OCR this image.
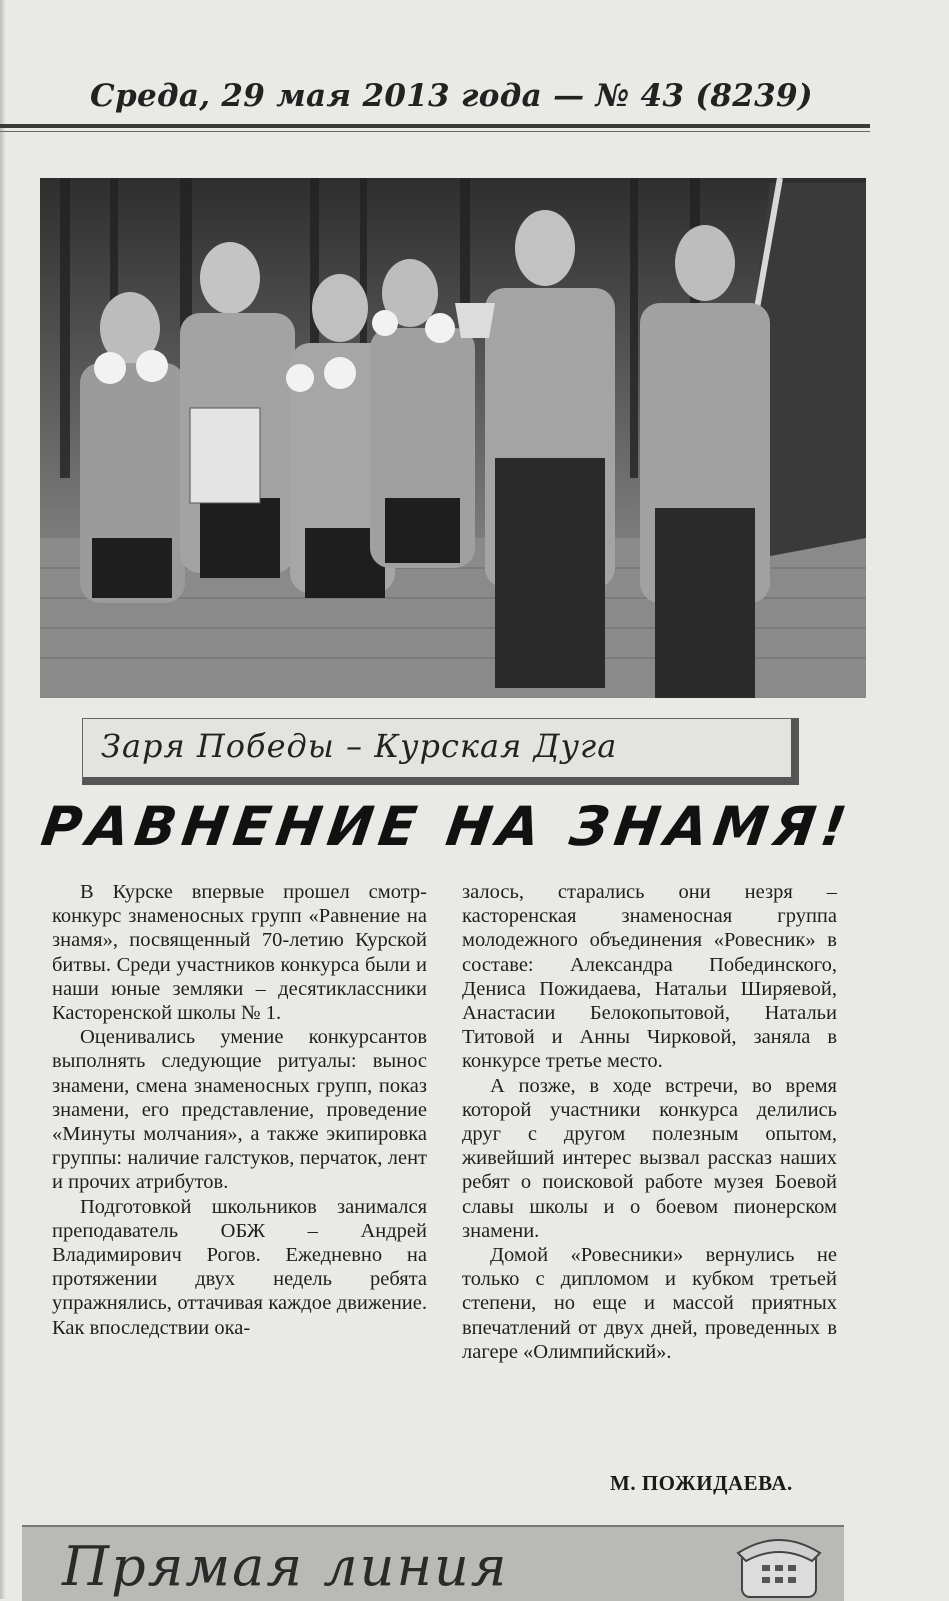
Среда, 29 мая 2013 года — № 43 (8239)
Заря Победы – Курская Дуга
РАВНЕНИЕ НА ЗНАМЯ!

В Курске впервые прошел смотр-конкурс знаменосных групп «Равнение на знамя», посвященный 70-летию Курской битвы. Среди участников конкурса были и наши юные земляки – десятиклассники Касторенской школы № 1.

Оценивались умение конкурсантов выполнять следующие ритуалы: вынос знамени, смена знаменосных групп, показ знамени, его представление, проведение «Минуты молчания», а также экипировка группы: наличие галстуков, перчаток, лент и прочих атрибутов.

Подготовкой школьников занимался преподаватель ОБЖ – Андрей Владимирович Рогов. Ежедневно на протяжении двух недель ребята упражнялись, оттачивая каждое движение. Как впоследствии ока-

залось, старались они незря – касторенская знаменосная группа молодежного объединения «Ровесник» в составе: Александра Побединского, Дениса Пожидаева, Натальи Ширяевой, Анастасии Белокопытовой, Натальи Титовой и Анны Чирковой, заняла в конкурсе третье место.

А позже, в ходе встречи, во время которой участники конкурса делились друг с другом полезным опытом, живейший интерес вызвал рассказ наших ребят о поисковой работе музея Боевой славы школы и о боевом пионерском знамени.

Домой «Ровесники» вернулись не только с дипломом и кубком третьей степени, но еще и массой приятных впечатлений от двух дней, проведенных в лагере «Олимпийский».

М. ПОЖИДАЕВА.
Прямая линия
